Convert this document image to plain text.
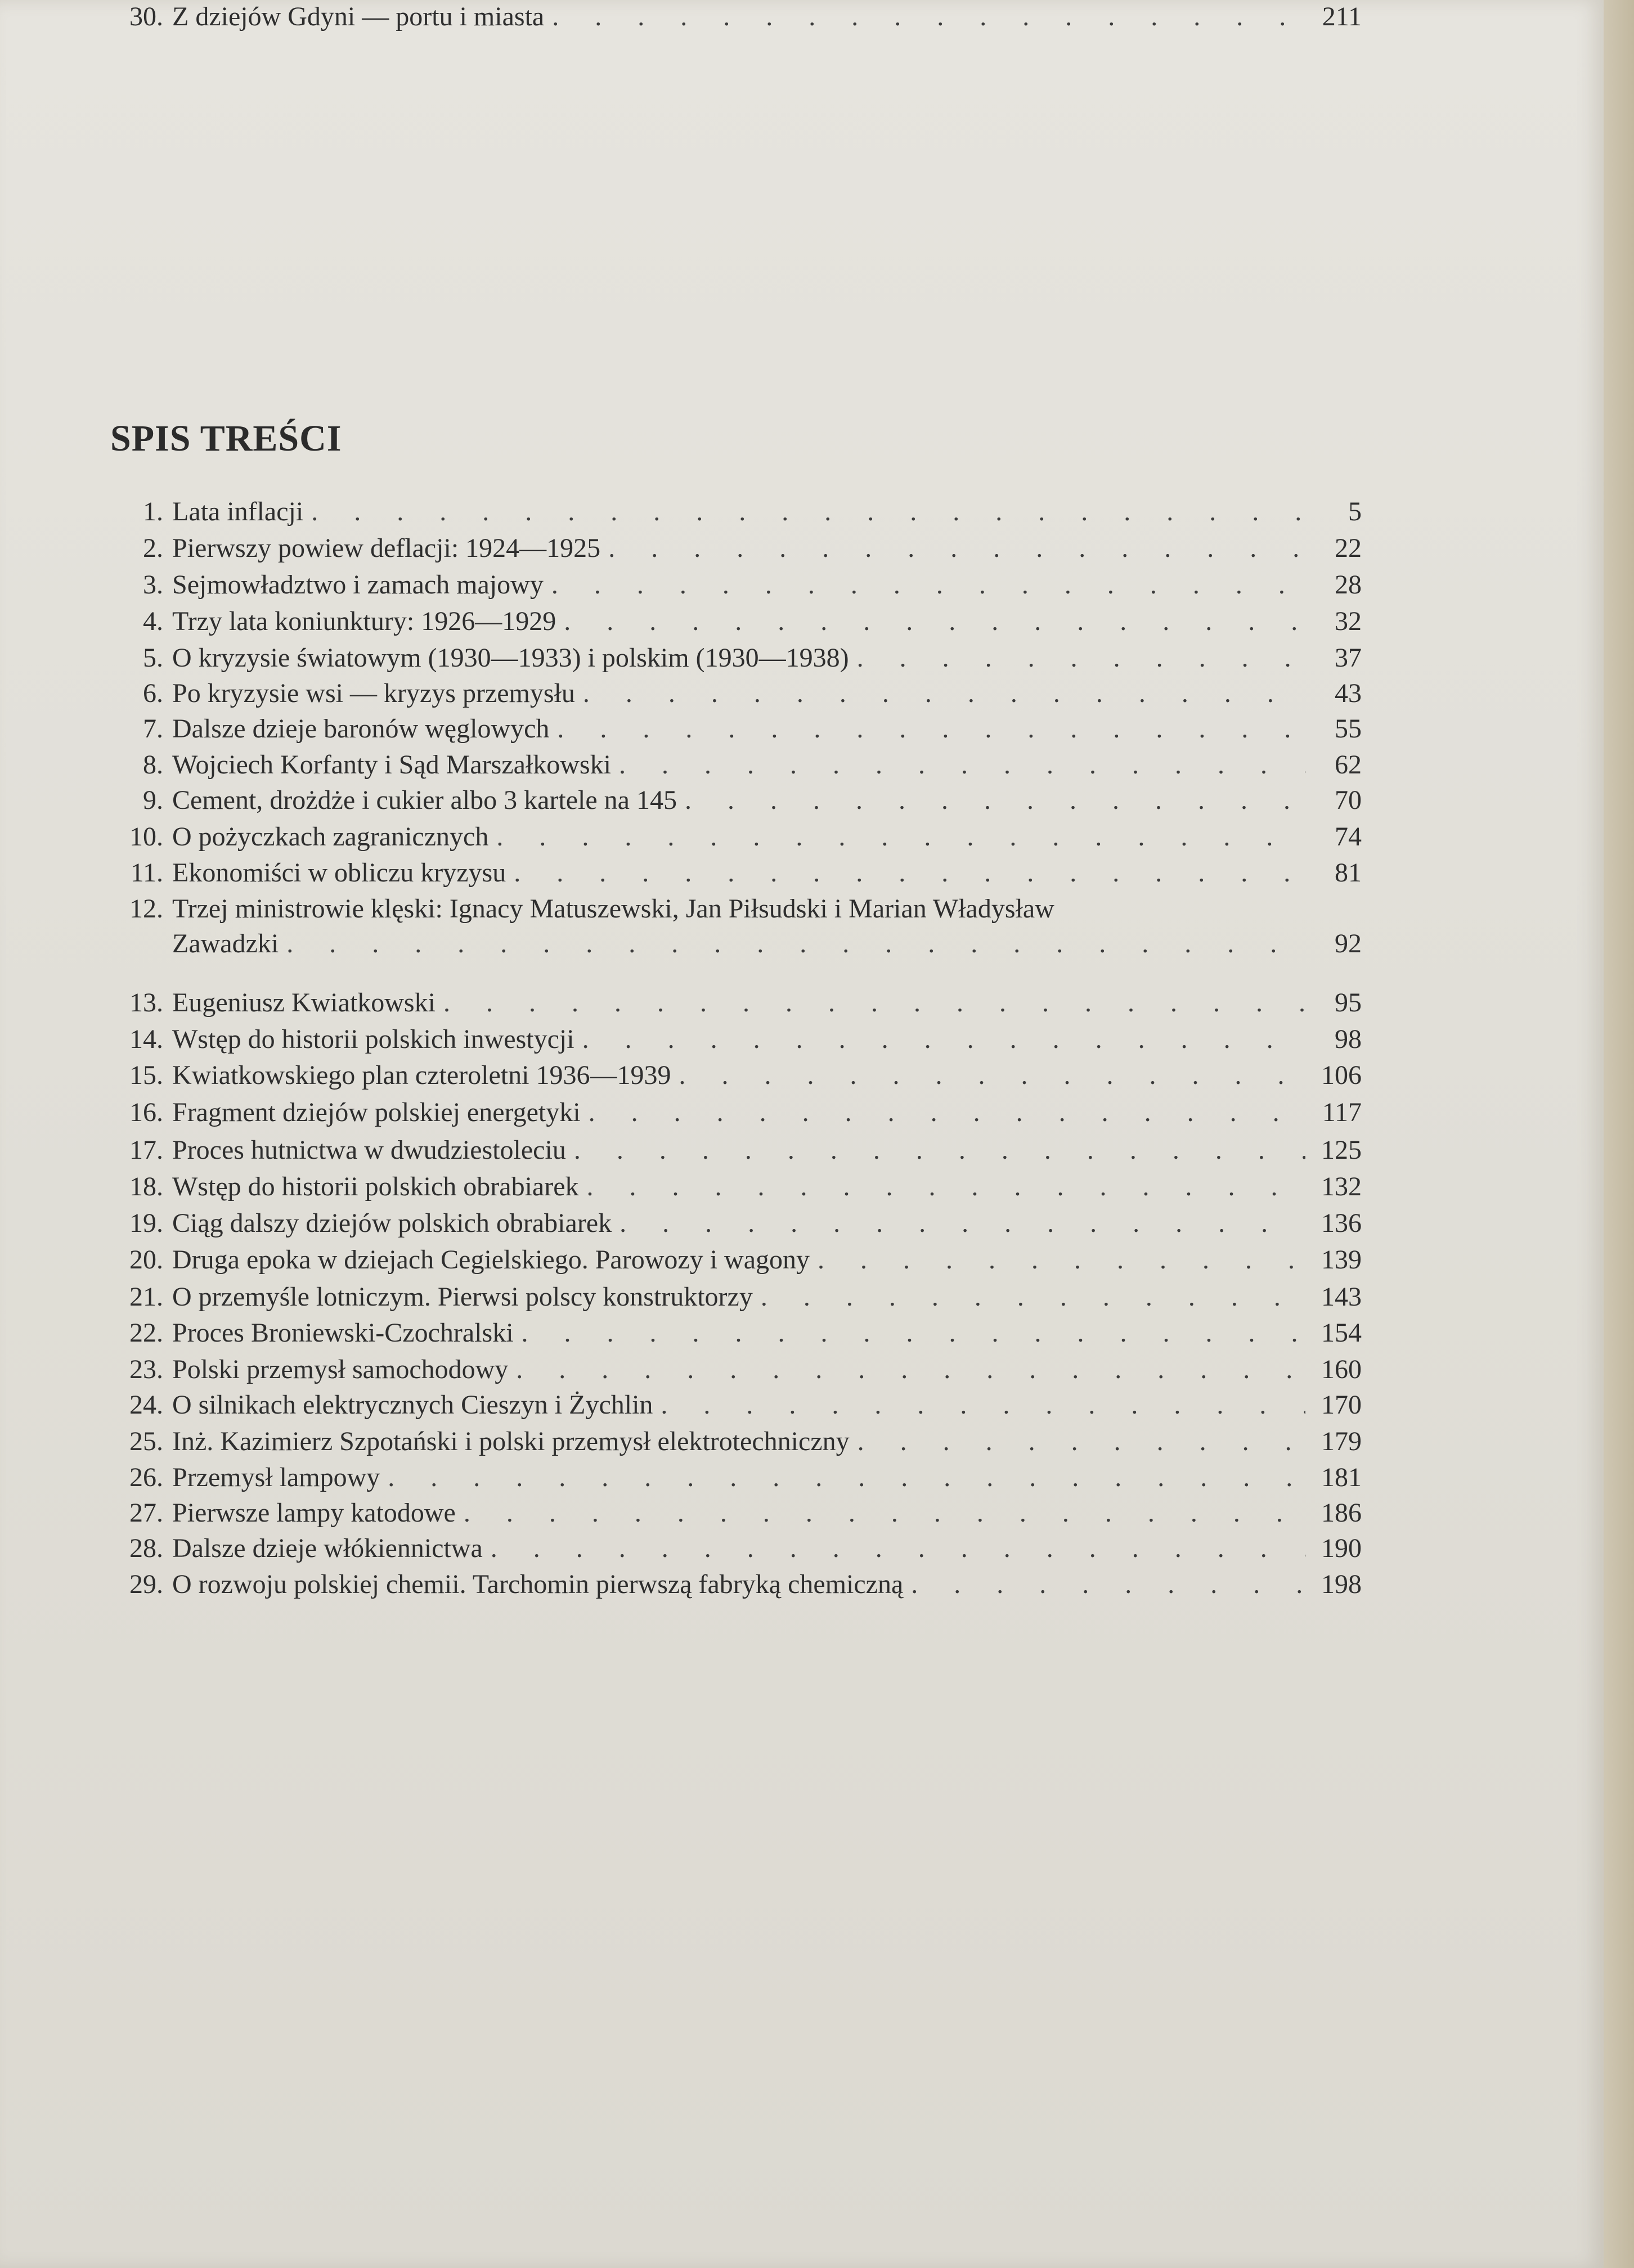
SPIS TREŚCI
1. Lata inflacji . . .	5
2. Pierwszy powiew deflacji: 1924—1925 . . .	22
3. Sejmowładztwo i zamach majowy . . .	28
4. Trzy lata koniunktury: 1926—1929 . . .	32
5. O kryzysie światowym (1930—1933) i polskim (1930—1938) . . .	37
6. Po kryzysie wsi — kryzys przemysłu . . .	43
7. Dalsze dzieje baronów węglowych . . .	55
8. Wojciech Korfanty i Sąd Marszałkowski . . .	62
9. Cement, drożdże i cukier albo 3 kartele na 145 . . .	70
10. O pożyczkach zagranicznych . . .	74
11. Ekonomiści w obliczu kryzysu . . .	81
12. Trzej ministrowie klęski: Ignacy Matuszewski, Jan Piłsudski i Marian Władysław
Zawadzki . . .	92
13. Eugeniusz Kwiatkowski . . .	95
14. Wstęp do historii polskich inwestycji . . .	98
15. Kwiatkowskiego plan czteroletni 1936—1939 . . .	106
16. Fragment dziejów polskiej energetyki . . .	117
17. Proces hutnictwa w dwudziestoleciu . . .	125
18. Wstęp do historii polskich obrabiarek . . .	132
19. Ciąg dalszy dziejów polskich obrabiarek . . .	136
20. Druga epoka w dziejach Cegielskiego. Parowozy i wagony . . .	139
21. O przemyśle lotniczym. Pierwsi polscy konstruktorzy . . .	143
22. Proces Broniewski-Czochralski . . .	154
23. Polski przemysł samochodowy . . .	160
24. O silnikach elektrycznych Cieszyn i Żychlin . . .	170
25. Inż. Kazimierz Szpotański i polski przemysł elektrotechniczny . . .	179
26. Przemysł lampowy . . .	181
27. Pierwsze lampy katodowe . . .	186
28. Dalsze dzieje włókiennictwa . . .	190
29. O rozwoju polskiej chemii. Tarchomin pierwszą fabryką chemiczną . . .	198
30. Z dziejów Gdyni — portu i miasta . . .	211
